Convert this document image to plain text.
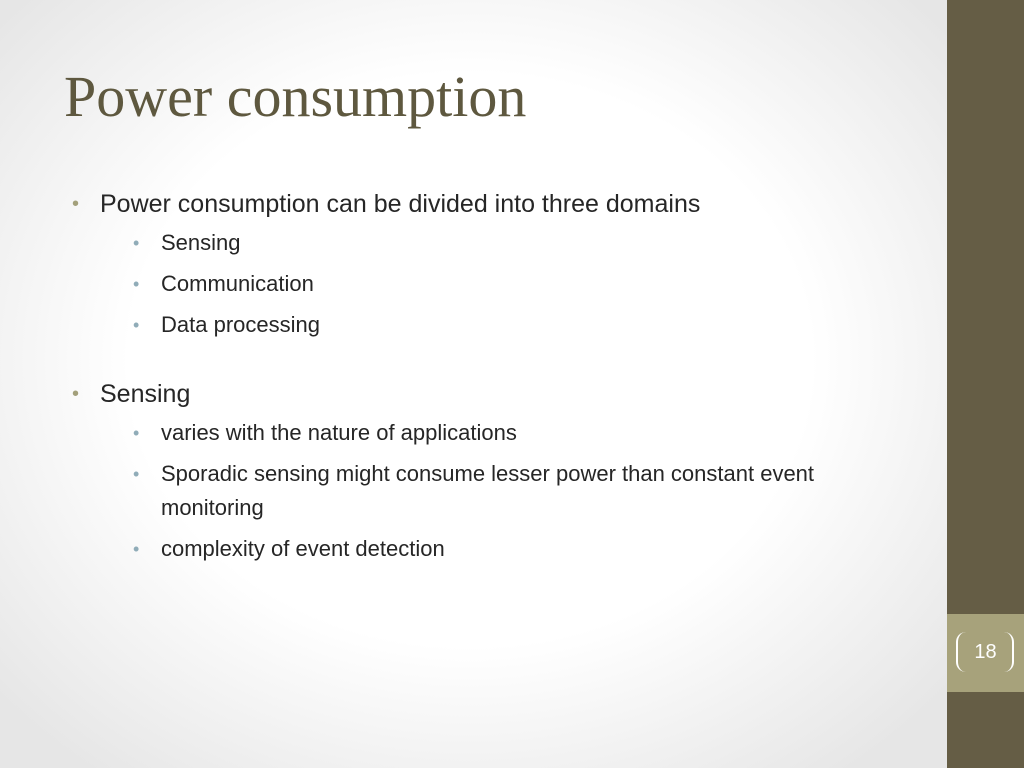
Power consumption
• Power consumption can be divided into three domains
• Sensing
• Communication
• Data processing
• Sensing
• varies with the nature of applications
• Sporadic sensing might consume lesser power than constant event monitoring
• complexity of event detection
18
